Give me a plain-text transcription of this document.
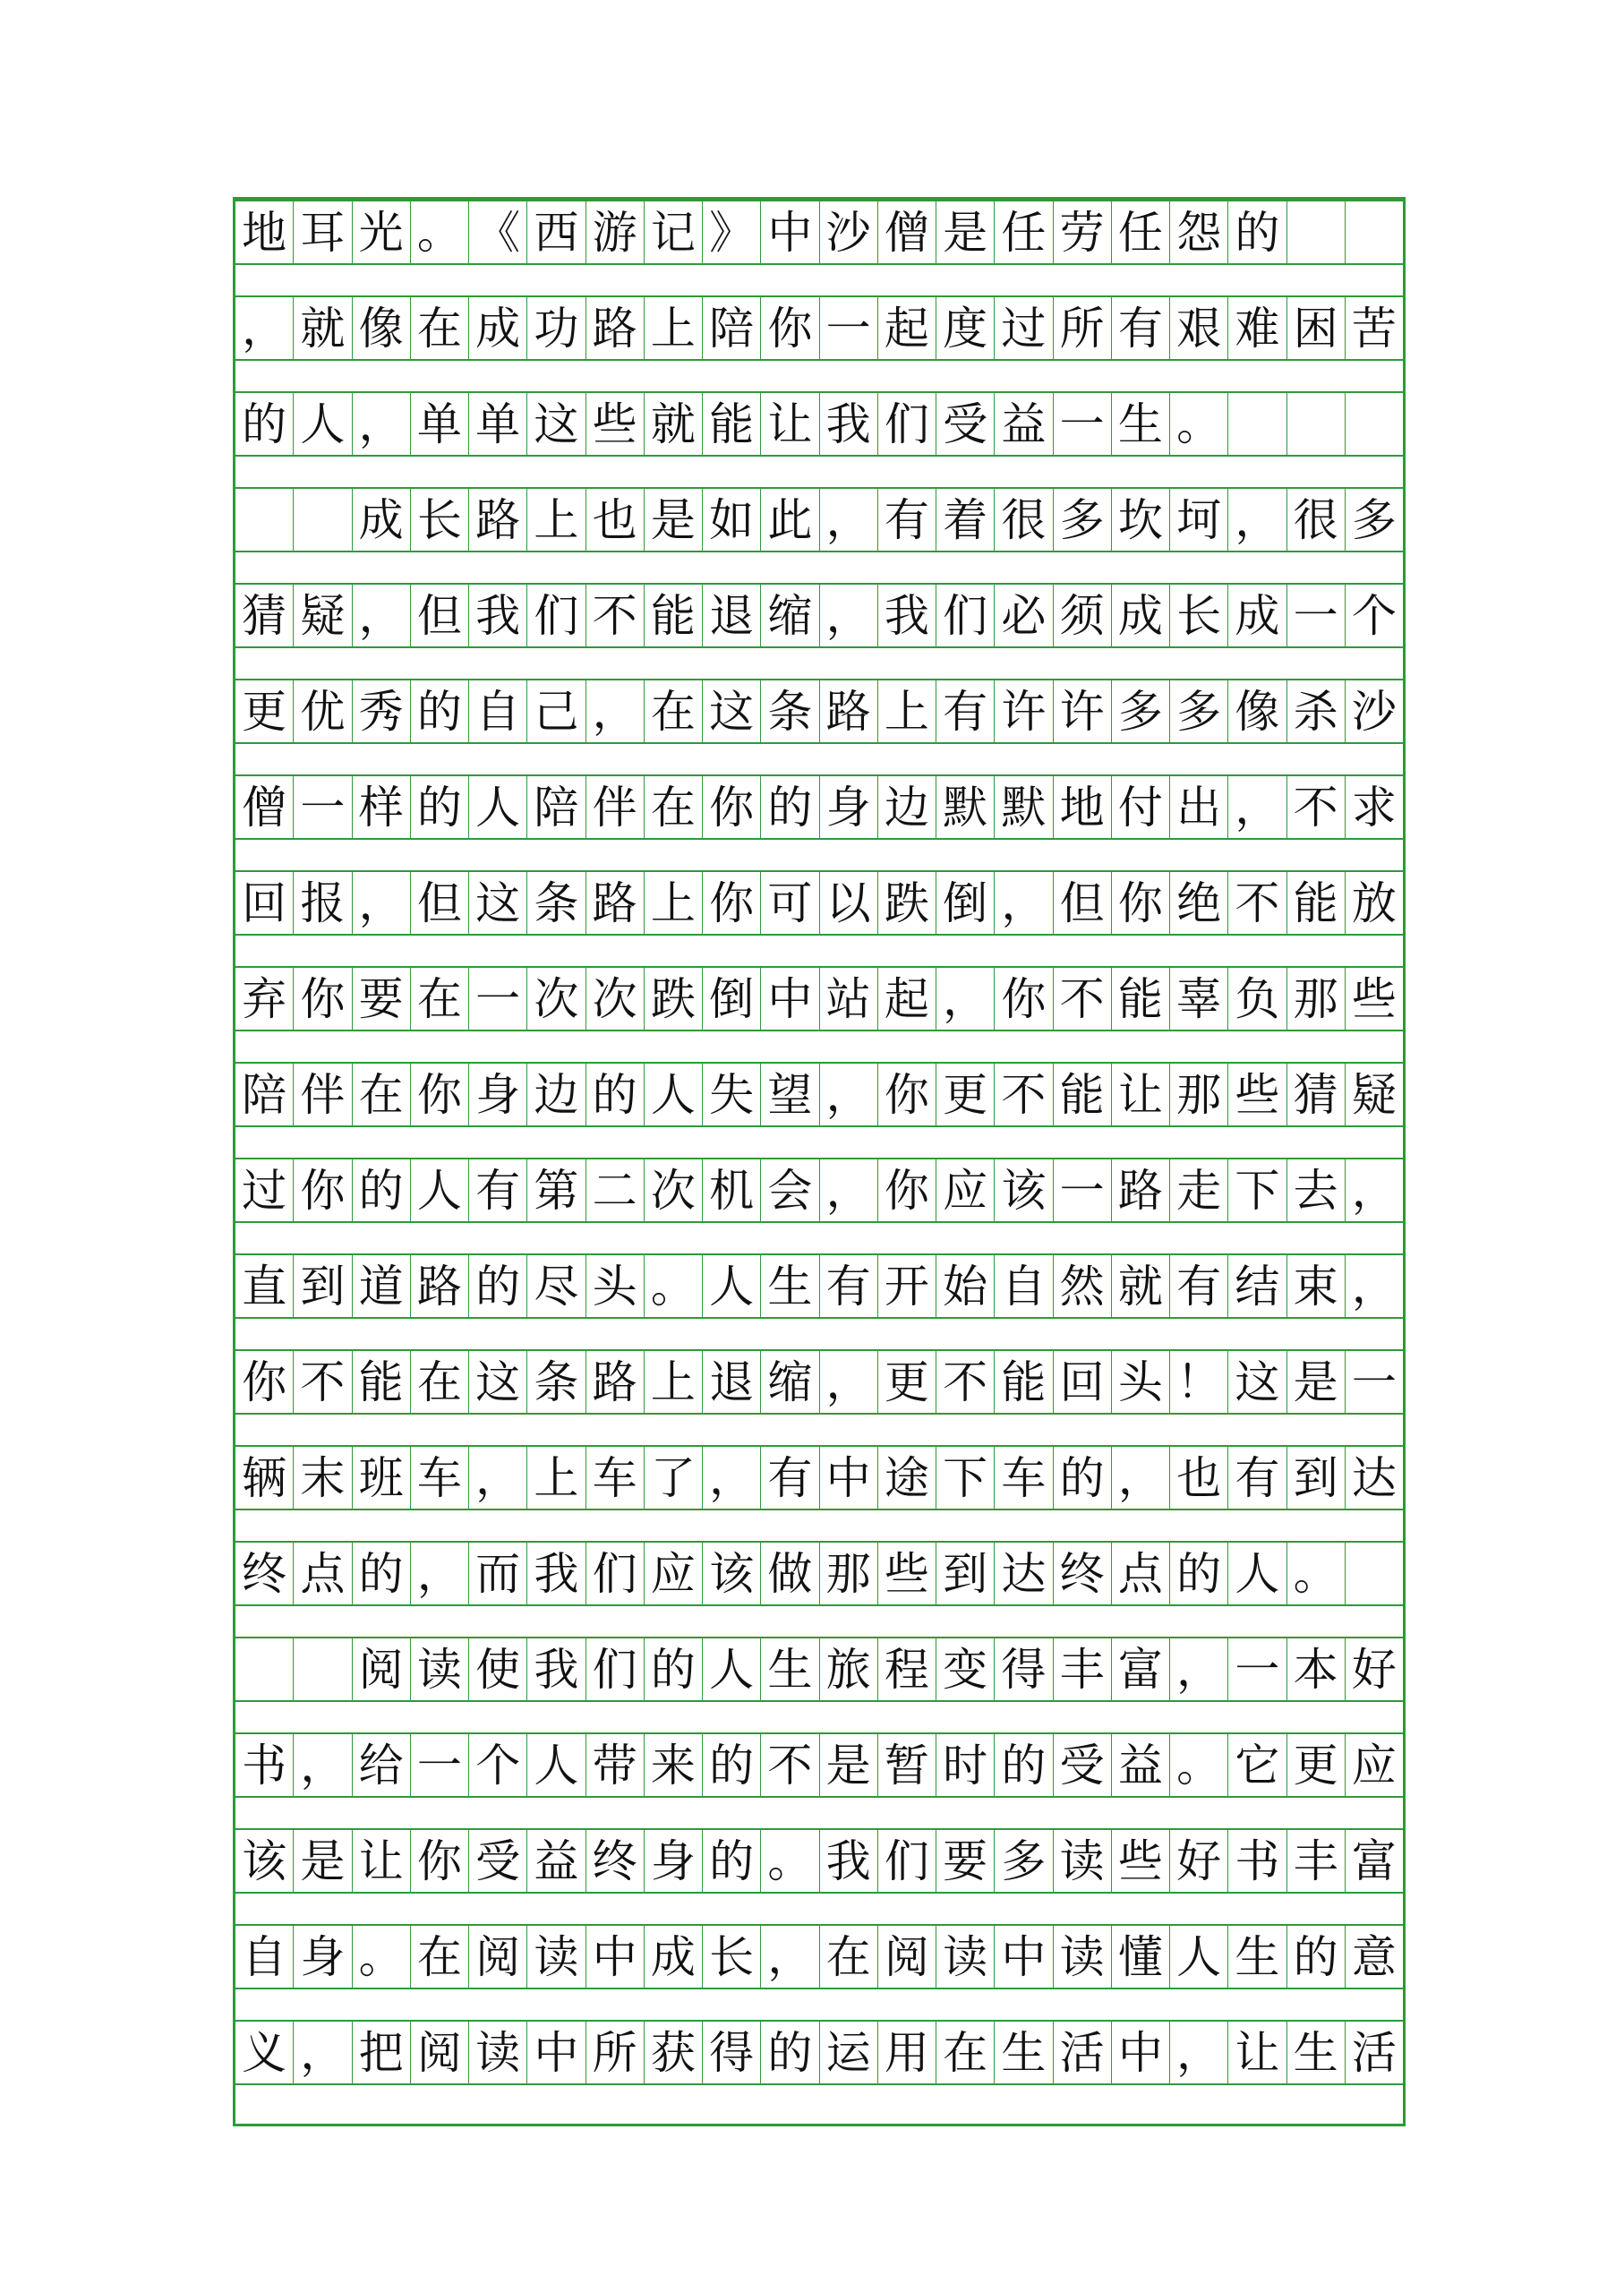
地 耳 光 。 《 西 游 记 》 中 沙 僧 是 任 劳 任 怨 的
， 就 像 在 成 功 路 上 陪 你 一 起 度 过 所 有 艰 难 困 苦
的 人 ， 单 单 这 些 就 能 让 我 们 受 益 一 生 。
成 长 路 上 也 是 如 此 ， 有 着 很 多 坎 坷 ， 很 多
猜 疑 ， 但 我 们 不 能 退 缩 ， 我 们 必 须 成 长 成 一 个
更 优 秀 的 自 己 ， 在 这 条 路 上 有 许 许 多 多 像 杀 沙
僧 一 样 的 人 陪 伴 在 你 的 身 边 默 默 地 付 出 ， 不 求
回 报 ， 但 这 条 路 上 你 可 以 跌 倒 ， 但 你 绝 不 能 放
弃 你 要 在 一 次 次 跌 倒 中 站 起 ， 你 不 能 辜 负 那 些
陪 伴 在 你 身 边 的 人 失 望 ， 你 更 不 能 让 那 些 猜 疑
过 你 的 人 有 第 二 次 机 会 ， 你 应 该 一 路 走 下 去 ，
直 到 道 路 的 尽 头 。 人 生 有 开 始 自 然 就 有 结 束 ，
你 不 能 在 这 条 路 上 退 缩 ， 更 不 能 回 头 ！ 这 是 一
辆 末 班 车 ， 上 车 了 ， 有 中 途 下 车 的 ， 也 有 到 达
终 点 的 ， 而 我 们 应 该 做 那 些 到 达 终 点 的 人 。
阅 读 使 我 们 的 人 生 旅 程 变 得 丰 富 ， 一 本 好
书 ， 给 一 个 人 带 来 的 不 是 暂 时 的 受 益 。 它 更 应
该 是 让 你 受 益 终 身 的 。 我 们 要 多 读 些 好 书 丰 富
自 身 。 在 阅 读 中 成 长 ， 在 阅 读 中 读 懂 人 生 的 意
义 ， 把 阅 读 中 所 获 得 的 运 用 在 生 活 中 ， 让 生 活
